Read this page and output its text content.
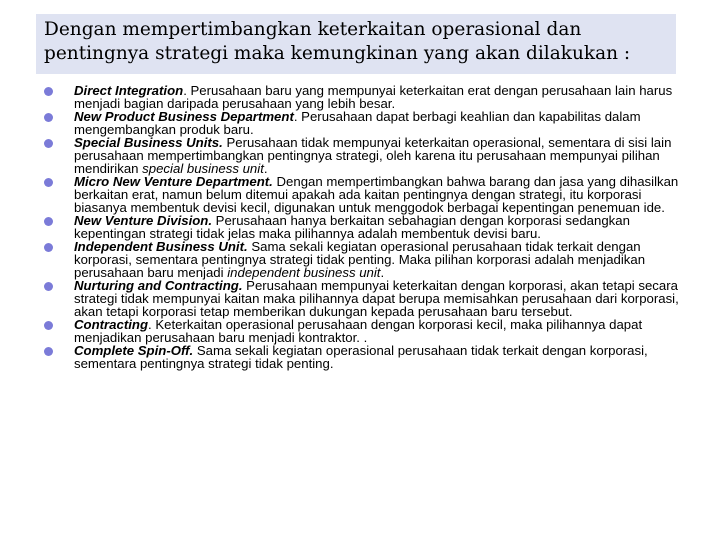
Dengan mempertimbangkan keterkaitan operasional dan pentingnya strategi maka kemungkinan yang akan dilakukan :

Direct Integration. Perusahaan baru yang mempunyai keterkaitan erat dengan perusahaan lain harus menjadi bagian daripada perusahaan yang lebih besar.
New Product Business Department. Perusahaan dapat berbagi keahlian dan kapabilitas dalam mengembangkan produk baru.
Special Business Units. Perusahaan tidak mempunyai keterkaitan operasional, sementara di sisi lain perusahaan mempertimbangkan pentingnya strategi, oleh karena itu perusahaan mempunyai pilihan mendirikan special business unit.
Micro New Venture Department. Dengan mempertimbangkan bahwa barang dan jasa yang dihasilkan berkaitan erat, namun belum ditemui apakah ada kaitan pentingnya dengan strategi, itu korporasi biasanya membentuk devisi kecil, digunakan untuk menggodok berbagai kepentingan penemuan ide.
New Venture Division. Perusahaan hanya berkaitan sebahagian dengan korporasi sedangkan kepentingan strategi tidak jelas maka pilihannya adalah membentuk devisi baru.
Independent Business Unit. Sama sekali kegiatan operasional perusahaan tidak terkait dengan korporasi, sementara pentingnya strategi tidak penting. Maka pilihan korporasi adalah menjadikan perusahaan baru menjadi independent business unit.
Nurturing and Contracting. Perusahaan mempunyai keterkaitan dengan korporasi, akan tetapi secara strategi tidak mempunyai kaitan maka pilihannya dapat berupa memisahkan perusahaan dari korporasi, akan tetapi korporasi tetap memberikan dukungan kepada perusahaan baru tersebut.
Contracting. Keterkaitan operasional perusahaan dengan korporasi kecil, maka pilihannya dapat menjadikan perusahaan baru menjadi kontraktor. .
Complete Spin-Off. Sama sekali kegiatan operasional perusahaan tidak terkait dengan korporasi, sementara pentingnya strategi tidak penting.
